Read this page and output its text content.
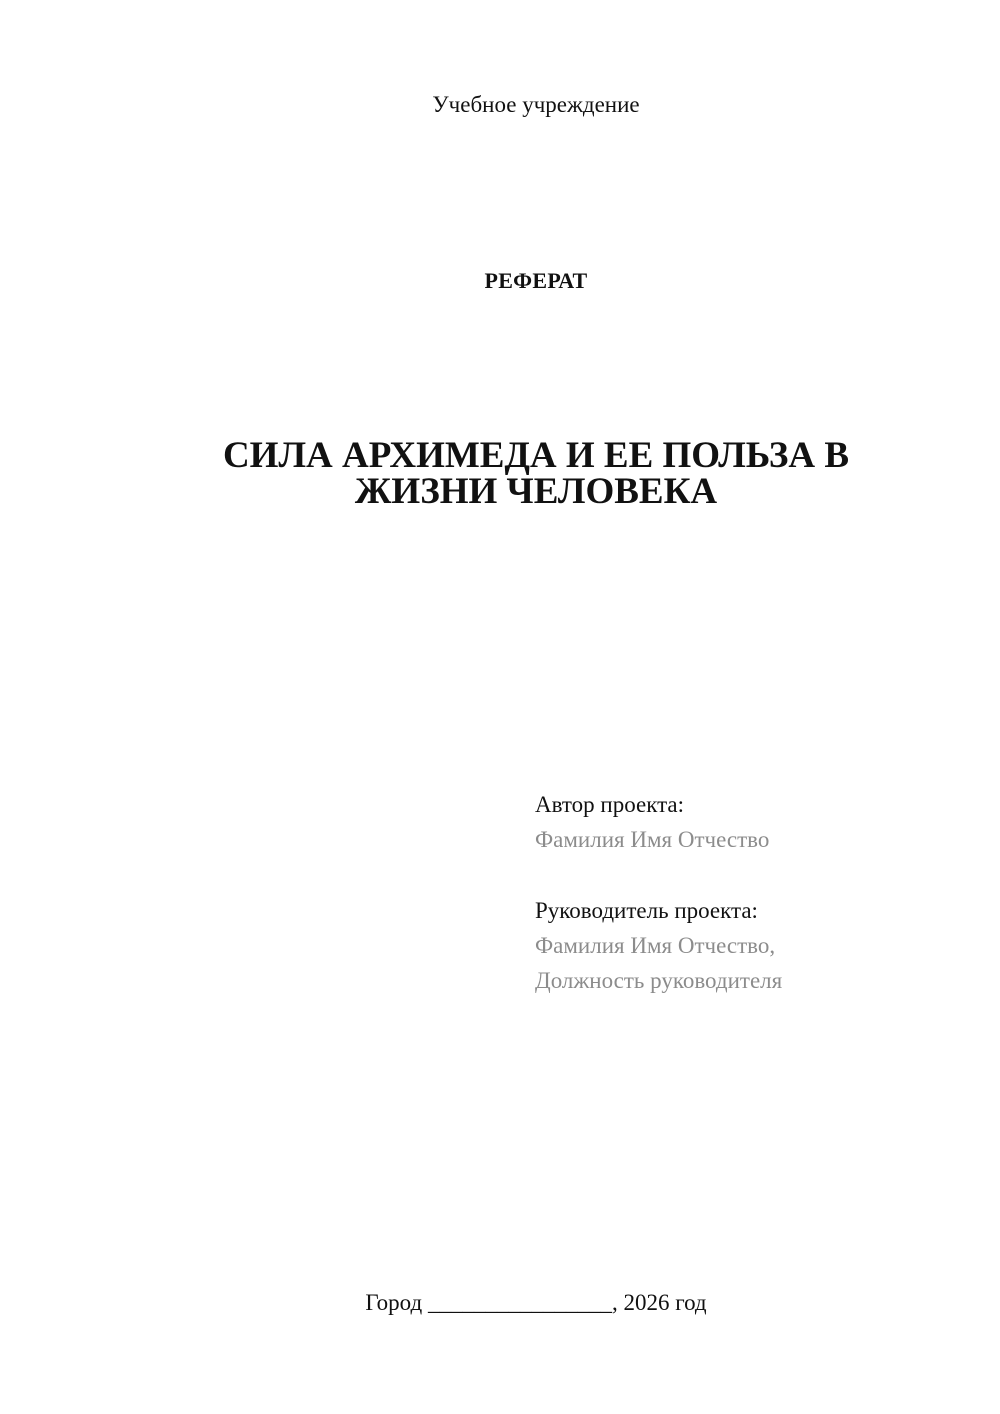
Учебное учреждение
РЕФЕРАТ
СИЛА АРХИМЕДА И ЕЕ ПОЛЬЗА В
ЖИЗНИ ЧЕЛОВЕКА
Автор проекта:
Фамилия Имя Отчество
Руководитель проекта:
Фамилия Имя Отчество,
Должность руководителя
Город ________________, 2026 год
